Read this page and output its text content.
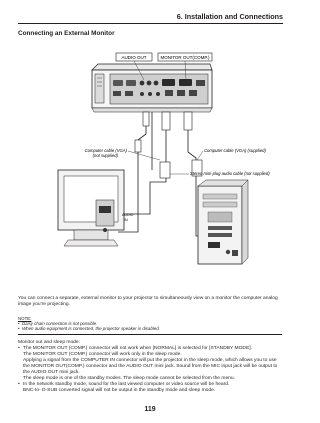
6. Installation and Connections
Connecting an External Monitor
AUDIO OUT	MONITOR OUT(COMP.)
Computer cable (VGA)
(not supplied)
Computer cable (VGA) (supplied)
Stereo mini-plug audio cable (not supplied)
AUDIO
IN
You can connect a separate, external monitor to your projector to simultaneously view on a monitor the computer analog image you’re projecting.
NOTE:
• Daisy chain connection is not possible.
• When audio equipment is connected, the projector speaker is disabled.
Monitor out and sleep mode:
• The MONITOR OUT (COMP.) connector will not work when [NORMAL] is selected for [STANDBY MODE].
The MONITOR OUT (COMP.) connector will work only in the sleep mode.
Applying a signal from the COMPUTER IN connector will put the projector in the sleep mode, which allows you to use the MONITOR OUT(COMP.) connector and the AUDIO OUT mini jack. Sound from the MIC input jack will be output to the AUDIO OUT mini jack.
The sleep mode is one of the standby modes. The sleep mode cannot be selected from the menu.
• In the network standby mode, sound for the last viewed computer or video source will be heard.
BNC-to- D-SUB converted signal will not be output in the standby mode and sleep mode.
119
